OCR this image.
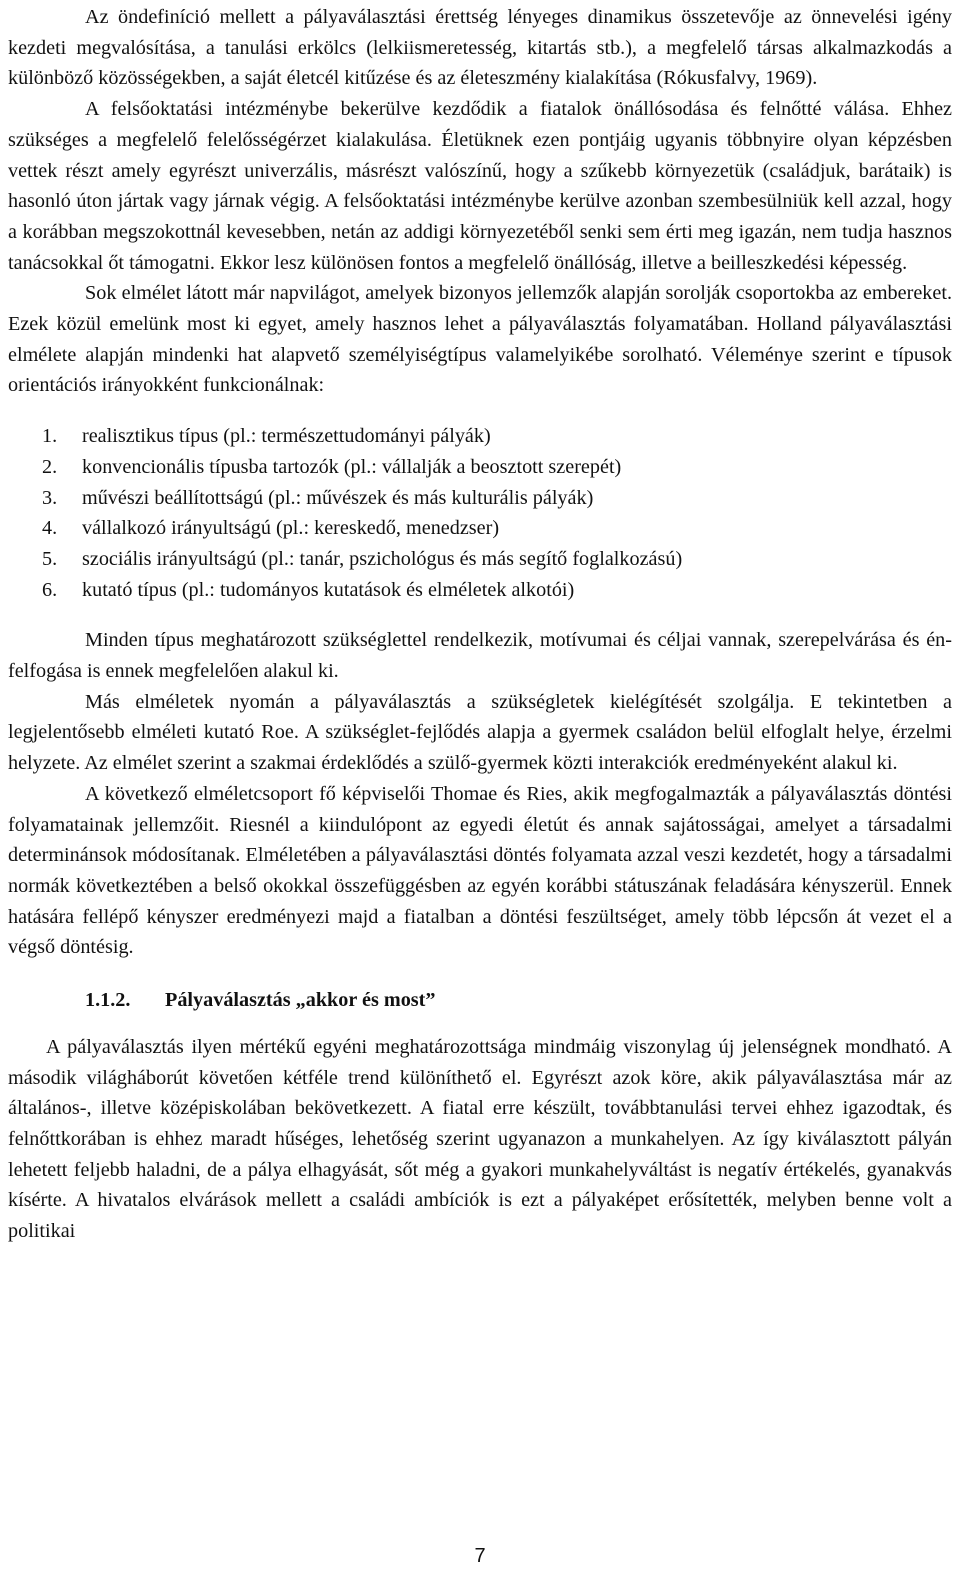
Az öndefiníció mellett a pályaválasztási érettség lényeges dinamikus összetevője az önnevelési igény kezdeti megvalósítása, a tanulási erkölcs (lelkiismeretesség, kitartás stb.), a megfelelő társas alkalmazkodás a különböző közösségekben, a saját életcél kitűzése és az életeszmény kialakítása (Rókusfalvy, 1969).

A felsőoktatási intézménybe bekerülve kezdődik a fiatalok önállósodása és felnőtté válása. Ehhez szükséges a megfelelő felelősségérzet kialakulása. Életüknek ezen pontjáig ugyanis többnyire olyan képzésben vettek részt amely egyrészt univerzális, másrészt valószínű, hogy a szűkebb környezetük (családjuk, barátaik) is hasonló úton jártak vagy járnak végig. A felsőoktatási intézménybe kerülve azonban szembesülniük kell azzal, hogy a korábban megszokottnál kevesebben, netán az addigi környezetéből senki sem érti meg igazán, nem tudja hasznos tanácsokkal őt támogatni. Ekkor lesz különösen fontos a megfelelő önállóság, illetve a beilleszkedési képesség.

Sok elmélet látott már napvilágot, amelyek bizonyos jellemzők alapján sorolják csoportokba az embereket. Ezek közül emelünk most ki egyet, amely hasznos lehet a pályaválasztás folyamatában. Holland pályaválasztási elmélete alapján mindenki hat alapvető személyiségtípus valamelyikébe sorolható. Véleménye szerint e típusok orientációs irányokként funkcionálnak:

1.	realisztikus típus (pl.: természettudományi pályák)
2.	konvencionális típusba tartozók (pl.: vállalják a beosztott szerepét)
3.	művészi beállítottságú (pl.: művészek és más kulturális pályák)
4.	vállalkozó irányultságú (pl.: kereskedő, menedzser)
5.	szociális irányultságú (pl.: tanár, pszichológus és más segítő foglalkozású)
6.	kutató típus (pl.: tudományos kutatások és elméletek alkotói)

Minden típus meghatározott szükséglettel rendelkezik, motívumai és céljai vannak, szerepelvárása és én-felfogása is ennek megfelelően alakul ki.

Más elméletek nyomán a pályaválasztás a szükségletek kielégítését szolgálja. E tekintetben a legjelentősebb elméleti kutató Roe. A szükséglet-fejlődés alapja a gyermek családon belül elfoglalt helye, érzelmi helyzete. Az elmélet szerint a szakmai érdeklődés a szülő-gyermek közti interakciók eredményeként alakul ki.

A következő elméletcsoport fő képviselői Thomae és Ries, akik megfogalmazták a pályaválasztás döntési folyamatainak jellemzőit. Riesnél a kiindulópont az egyedi életút és annak sajátosságai, amelyet a társadalmi determinánsok módosítanak. Elméletében a pályaválasztási döntés folyamata azzal veszi kezdetét, hogy a társadalmi normák következtében a belső okokkal összefüggésben az egyén korábbi státuszának feladására kényszerül. Ennek hatására fellépő kényszer eredményezi majd a fiatalban a döntési feszültséget, amely több lépcsőn át vezet el a végső döntésig.

1.1.2.	Pályaválasztás „akkor és most”

A pályaválasztás ilyen mértékű egyéni meghatározottsága mindmáig viszonylag új jelenségnek mondható. A második világháborút követően kétféle trend különíthető el. Egyrészt azok köre, akik pályaválasztása már az általános-, illetve középiskolában bekövetkezett. A fiatal erre készült, továbbtanulási tervei ehhez igazodtak, és felnőttkorában is ehhez maradt hűséges, lehetőség szerint ugyanazon a munkahelyen. Az így kiválasztott pályán lehetett feljebb haladni, de a pálya elhagyását, sőt még a gyakori munkahelyváltást is negatív értékelés, gyanakvás kísérte. A hivatalos elvárások mellett a családi ambíciók is ezt a pályaképet erősítették, melyben benne volt a politikai

7
